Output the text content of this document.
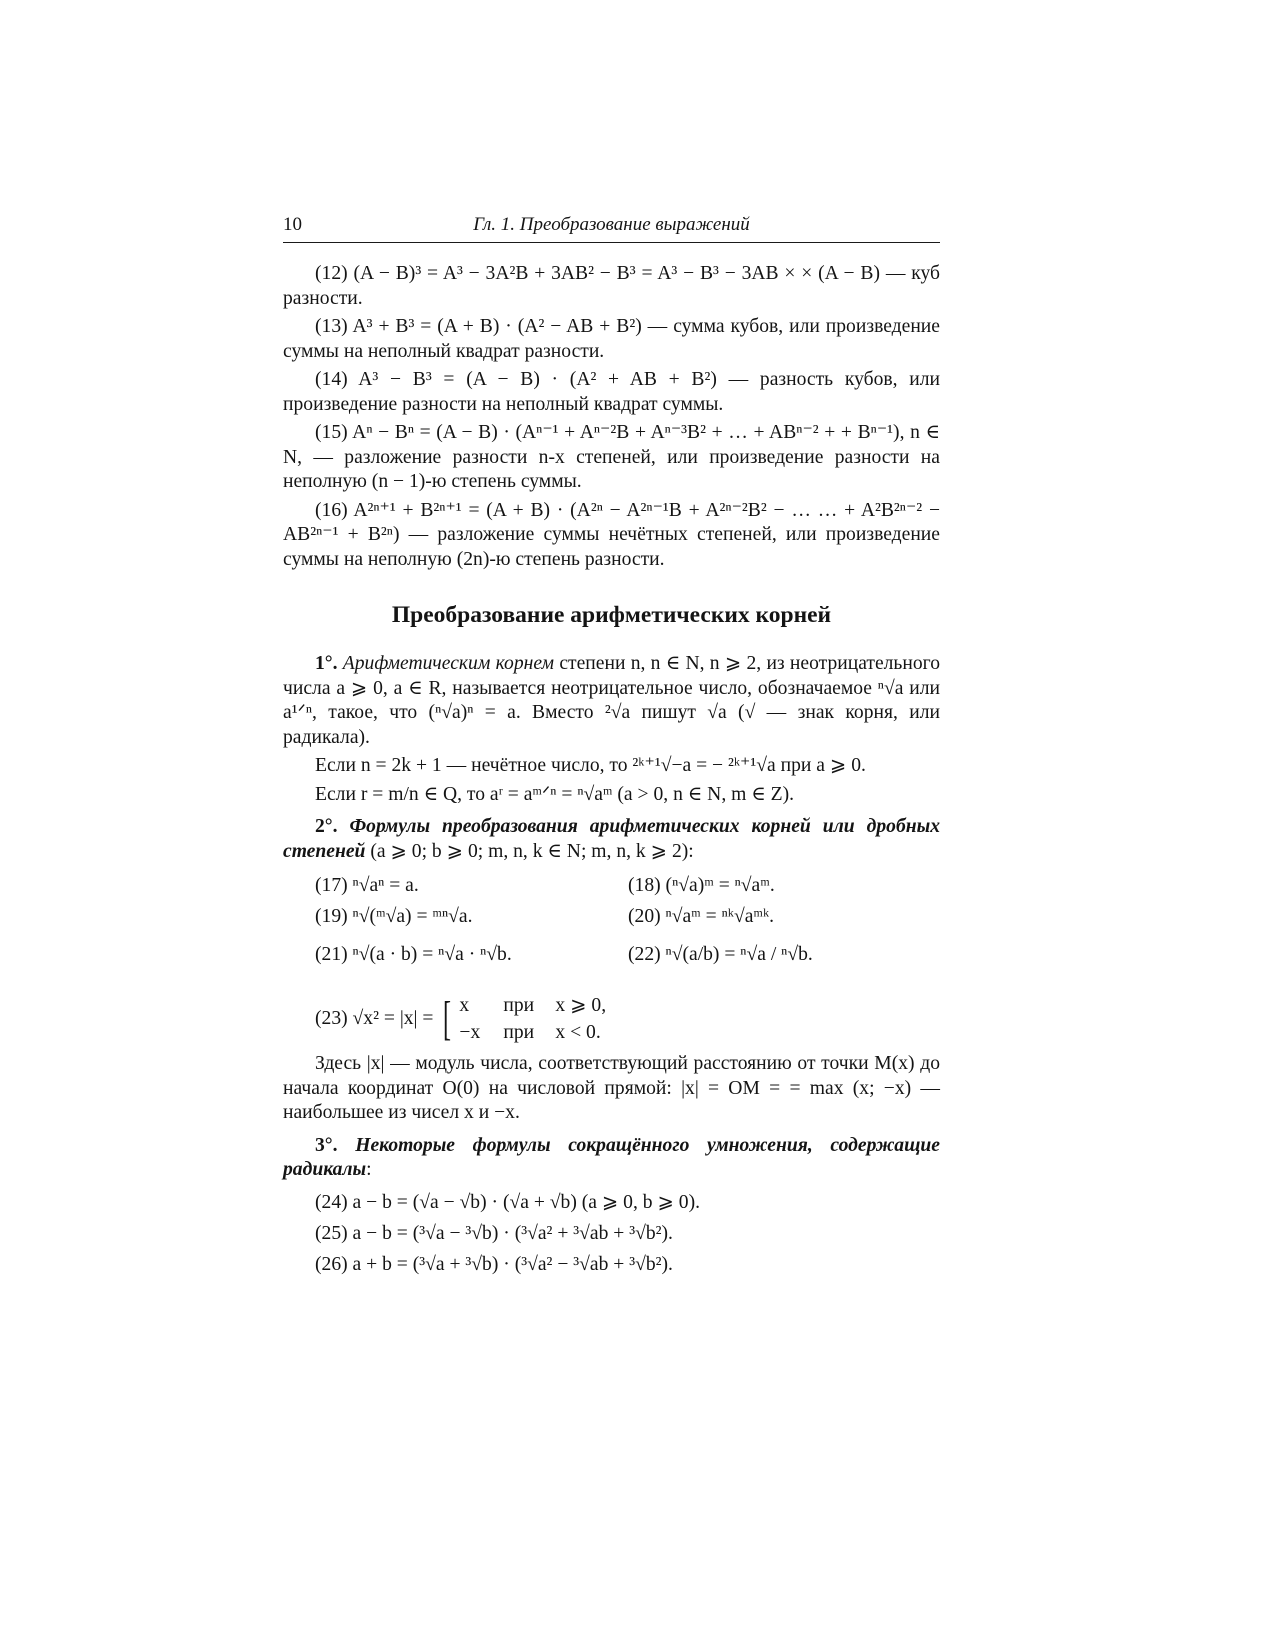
10	Гл. 1. Преобразование выражений

(12) (A − B)³ = A³ − 3A²B + 3AB² − B³ = A³ − B³ − 3AB × × (A − B) — куб разности.

(13) A³ + B³ = (A + B) · (A² − AB + B²) — сумма кубов, или произведение суммы на неполный квадрат разности.

(14) A³ − B³ = (A − B) · (A² + AB + B²) — разность кубов, или произведение разности на неполный квадрат суммы.

(15) Aⁿ − Bⁿ = (A − B) · (Aⁿ⁻¹ + Aⁿ⁻²B + Aⁿ⁻³B² + … + ABⁿ⁻² + + Bⁿ⁻¹), n ∈ N, — разложение разности n-х степеней, или произведение разности на неполную (n − 1)-ю степень суммы.

(16) A²ⁿ⁺¹ + B²ⁿ⁺¹ = (A + B) · (A²ⁿ − A²ⁿ⁻¹B + A²ⁿ⁻²B² − … … + A²B²ⁿ⁻² − AB²ⁿ⁻¹ + B²ⁿ) — разложение суммы нечётных степеней, или произведение суммы на неполную (2n)-ю степень разности.

Преобразование арифметических корней

1°. Арифметическим корнем степени n, n ∈ N, n ⩾ 2, из неотрицательного числа a ⩾ 0, a ∈ R, называется неотрицательное число, обозначаемое ⁿ√a или a¹ᐟⁿ, такое, что (ⁿ√a)ⁿ = a. Вместо ²√a пишут √a (√ — знак корня, или радикала).

Если n = 2k + 1 — нечётное число, то ²ᵏ⁺¹√−a = − ²ᵏ⁺¹√a при a ⩾ 0.

Если r = m/n ∈ Q, то aʳ = aᵐᐟⁿ = ⁿ√aᵐ (a > 0, n ∈ N, m ∈ Z).

2°. Формулы преобразования арифметических корней или дробных степеней (a ⩾ 0; b ⩾ 0; m, n, k ∈ N; m, n, k ⩾ 2):

(17) ⁿ√aⁿ = a.	(18) (ⁿ√a)ᵐ = ⁿ√aᵐ.
(19) ⁿ√(ᵐ√a) = ᵐⁿ√a.	(20) ⁿ√aᵐ = ⁿᵏ√aᵐᵏ.
(21) ⁿ√(a · b) = ⁿ√a · ⁿ√b.	(22) ⁿ√(a/b) = ⁿ√a / ⁿ√b.
(23) √x² = |x| = [ x при x ⩾ 0,
−x при x < 0.

Здесь |x| — модуль числа, соответствующий расстоянию от точки M(x) до начала координат O(0) на числовой прямой: |x| = OM = = max (x; −x) — наибольшее из чисел x и −x.

3°. Некоторые формулы сокращённого умножения, содержащие радикалы:

(24) a − b = (√a − √b) · (√a + √b) (a ⩾ 0, b ⩾ 0).
(25) a − b = (³√a − ³√b) · (³√a² + ³√ab + ³√b²).
(26) a + b = (³√a + ³√b) · (³√a² − ³√ab + ³√b²).
